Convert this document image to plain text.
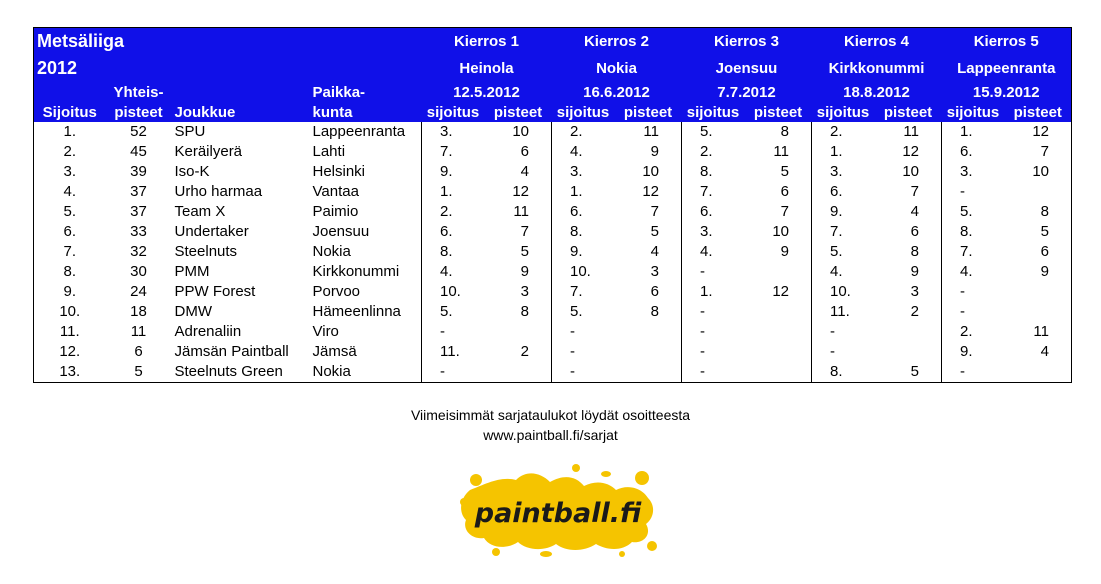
Metsäliiga				Kierros 1		Kierros 2		Kierros 3		Kierros 4		Kierros 5	
2012				Heinola		Nokia		Joensuu		Kirkkonummi		Lappeenranta	
	Yhteis-		Paikka-	12.5.2012		16.6.2012		7.7.2012		18.8.2012		15.9.2012	
Sijoitus	pisteet	Joukkue	kunta	sijoitus	pisteet	sijoitus	pisteet	sijoitus	pisteet	sijoitus	pisteet	sijoitus	pisteet
1.	52	SPU	Lappeenranta	3.	10	2.	11	5.	8	2.	11	1.	12
2.	45	Keräilyerä	Lahti	7.	6	4.	9	2.	11	1.	12	6.	7
3.	39	Iso-K	Helsinki	9.	4	3.	10	8.	5	3.	10	3.	10
4.	37	Urho harmaa	Vantaa	1.	12	1.	12	7.	6	6.	7	-	
5.	37	Team X	Paimio	2.	11	6.	7	6.	7	9.	4	5.	8
6.	33	Undertaker	Joensuu	6.	7	8.	5	3.	10	7.	6	8.	5
7.	32	Steelnuts	Nokia	8.	5	9.	4	4.	9	5.	8	7.	6
8.	30	PMM	Kirkkonummi	4.	9	10.	3	-		4.	9	4.	9
9.	24	PPW Forest	Porvoo	10.	3	7.	6	1.	12	10.	3	-	
10.	18	DMW	Hämeenlinna	5.	8	5.	8	-		11.	2	-	
11.	11	Adrenaliin	Viro	-		-		-		-		2.	11
12.	6	Jämsän Paintball	Jämsä	11.	2	-		-		-		9.	4
13.	5	Steelnuts Green	Nokia	-		-		-		8.	5	-	
Viimeisimmät sarjataulukot löydät osoitteesta
www.paintball.fi/sarjat
paintball.fi
